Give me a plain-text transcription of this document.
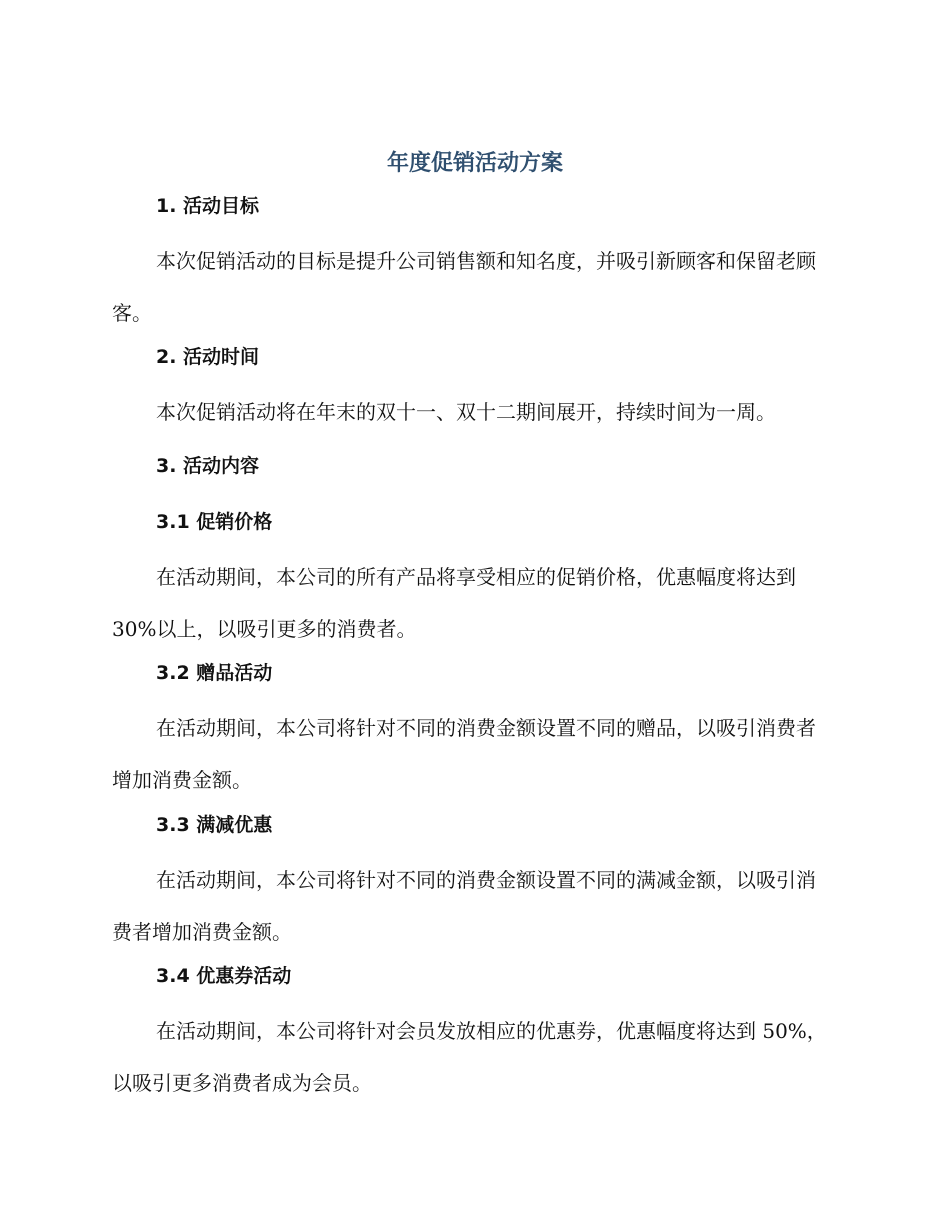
年度促销活动方案
1. 活动目标

本次促销活动的目标是提升公司销售额和知名度，并吸引新顾客和保留老顾客。

2. 活动时间

本次促销活动将在年末的双十一、双十二期间展开，持续时间为一周。

3. 活动内容
3.1 促销价格

在活动期间，本公司的所有产品将享受相应的促销价格，优惠幅度将达到 30%以上，以吸引更多的消费者。

3.2 赠品活动

在活动期间，本公司将针对不同的消费金额设置不同的赠品，以吸引消费者增加消费金额。

3.3 满减优惠

在活动期间，本公司将针对不同的消费金额设置不同的满减金额，以吸引消费者增加消费金额。

3.4 优惠券活动

在活动期间，本公司将针对会员发放相应的优惠券，优惠幅度将达到 50%，以吸引更多消费者成为会员。
